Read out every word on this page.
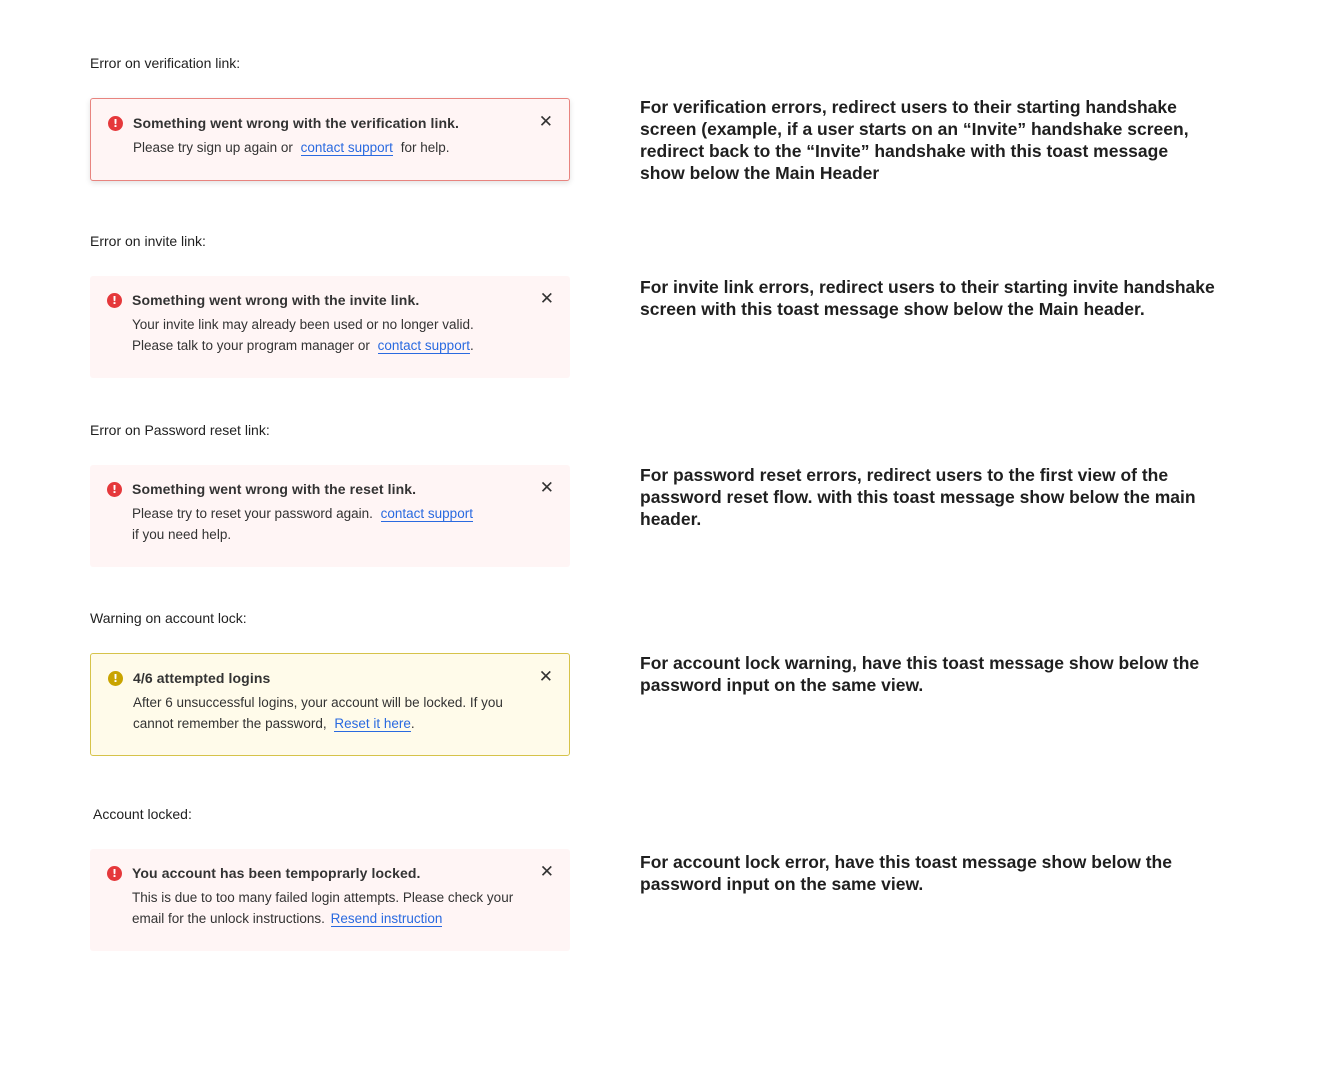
Error on verification link:
!	✕
Something went wrong with the verification link.
Please try sign up again or contact support for help.
For verification errors, redirect users to their starting handshake screen (example, if a user starts on an “Invite” handshake screen, redirect back to the “Invite” handshake with this toast message show below the Main Header
Error on invite link:
!	✕
Something went wrong with the invite link.
Your invite link may already been used or no longer valid.
Please talk to your program manager or contact support.
For invite link errors, redirect users to their starting invite handshake screen with this toast message show below the Main header.
Error on Password reset link:
!	✕
Something went wrong with the reset link.
Please try to reset your password again. contact support
if you need help.
For password reset errors, redirect users to the first view of the password reset flow. with this toast message show below the main header.
Warning on account lock:
!	✕
4/6 attempted logins
After 6 unsuccessful logins, your account will be locked. If you cannot remember the password, Reset it here.
For account lock warning, have this toast message show below the password input on the same view.
Account locked:
!	✕
You account has been tempoprarly locked.
This is due to too many failed login attempts. Please check your email for the unlock instructions. Resend instruction
For account lock error, have this toast message show below the password input on the same view.
